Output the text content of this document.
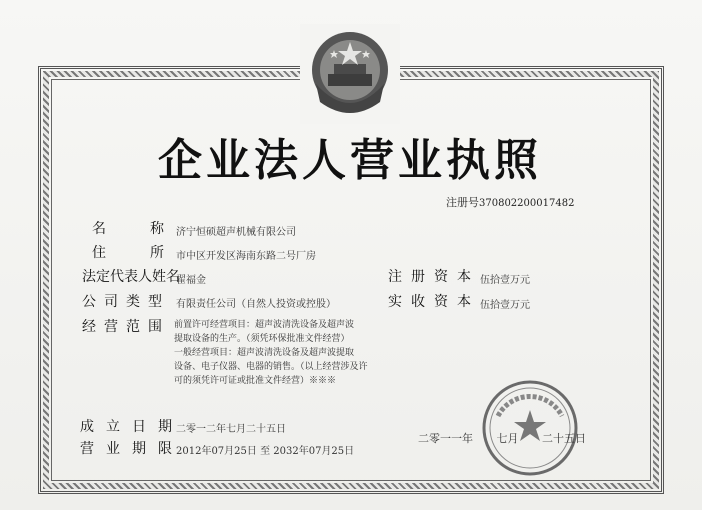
企业法人营业执照
注册号370802200017482
名	称 济宁恒硕超声机械有限公司
住	所 市中区开发区海南东路二号厂房
法定代表人姓名
翟福金
公司类型 有限责任公司（自然人投资或控股）
经营范围 前置许可经营项目：超声波清洗设备及超声波
提取设备的生产。（须凭环保批准文件经营）
一般经营项目：超声波清洗设备及超声波提取
设备、电子仪器、电器的销售。（以上经营涉及许
可的须凭许可证或批准文件经营）※※※
注册资本 伍拾壹万元
实收资本 伍拾壹万元
成立日期
二零一二年七月二十五日
营业期限
2012年07月25日 至 2032年07月25日
二零一一年 七月 二十五日
